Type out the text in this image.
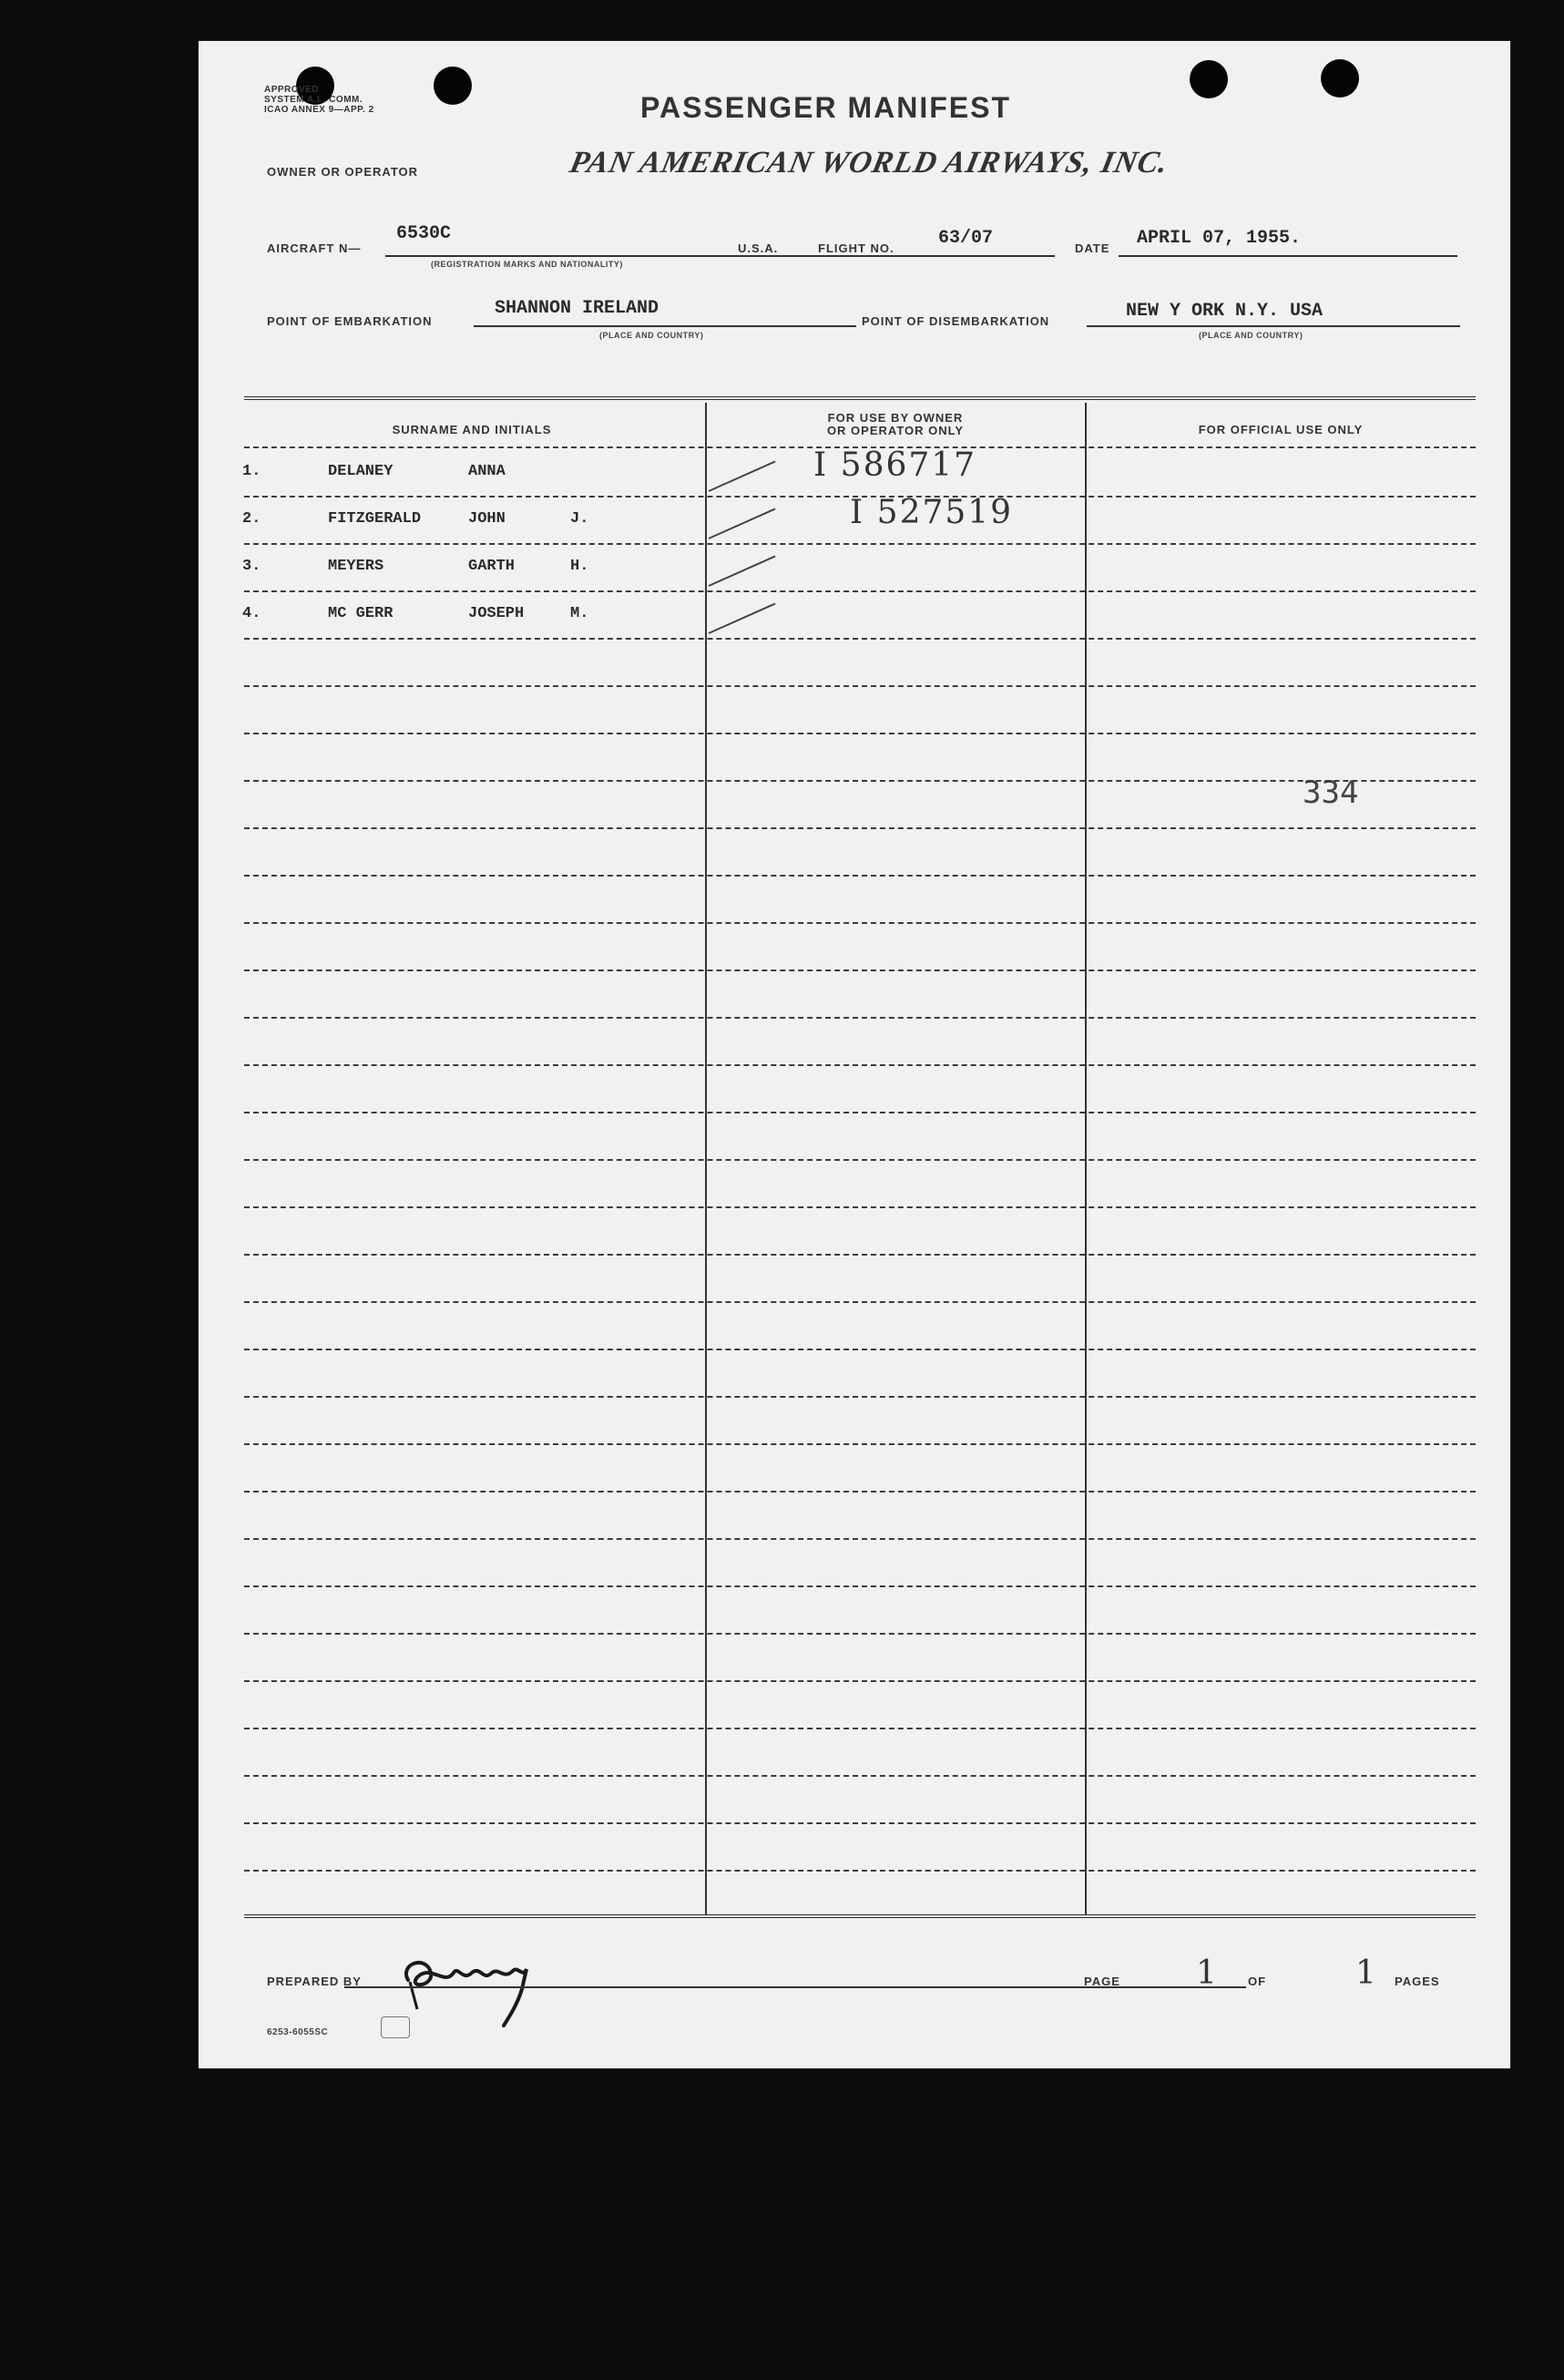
APPROVED
SYSTEM A.L. COMM.
ICAO ANNEX 9—APP. 2	PASSENGER MANIFEST
OWNER OR OPERATOR	PAN AMERICAN WORLD AIRWAYS, INC.
AIRCRAFT N—
6530C
(REGISTRATION MARKS AND NATIONALITY)
U.S.A.	FLIGHT NO. 63/07	DATE APRIL 07, 1955.
POINT OF EMBARKATION
SHANNON IRELAND
(PLACE AND COUNTRY)
POINT OF DISEMBARKATION	NEW Y ORK N.Y. USA
(PLACE AND COUNTRY)
SURNAME AND INITIALS
FOR USE BY OWNER
OR OPERATOR ONLY	FOR OFFICIAL USE ONLY
334
PREPARED BY	PAGE 1 OF	1 PAGES
6253-6055SC
1.	DELANEY	ANNA	I 586717
2.	FITZGERALD	JOHN	J.	I 527519
3.	MEYERS	GARTH	H.
4.	MC GERR	JOSEPH	M.
